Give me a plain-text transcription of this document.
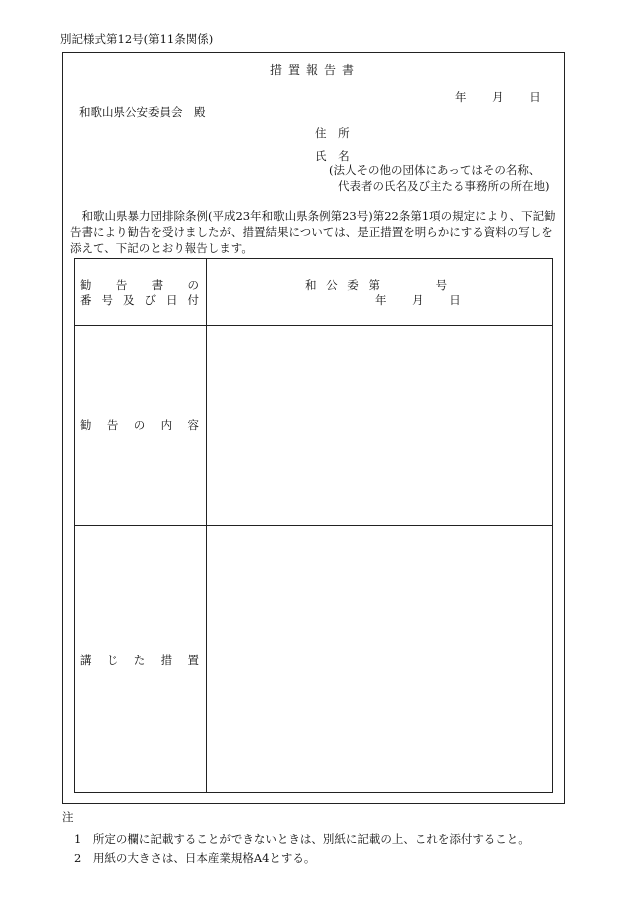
別記様式第12号(第11条関係)
措置報告書
年 月 日
和歌山県公安委員会　殿
住 所
氏 名
(法人その他の団体にあってはその名称、
代表者の氏名及び主たる事務所の所在地)
和歌山県暴力団排除条例(平成23年和歌山県条例第23号)第22条第1項の規定により、下記勧告書により勧告を受けましたが、措置結果については、是正措置を明らかにする資料の写しを添えて、下記のとおり報告します。
勧 告 書 の
番 号 及 び 日 付
和 公 委 第　　　　 号
年 月 日
勧 告 の 内 容
講 じ た 措 置
注
1　所定の欄に記載することができないときは、別紙に記載の上、これを添付すること。
2　用紙の大きさは、日本産業規格A4とする。
